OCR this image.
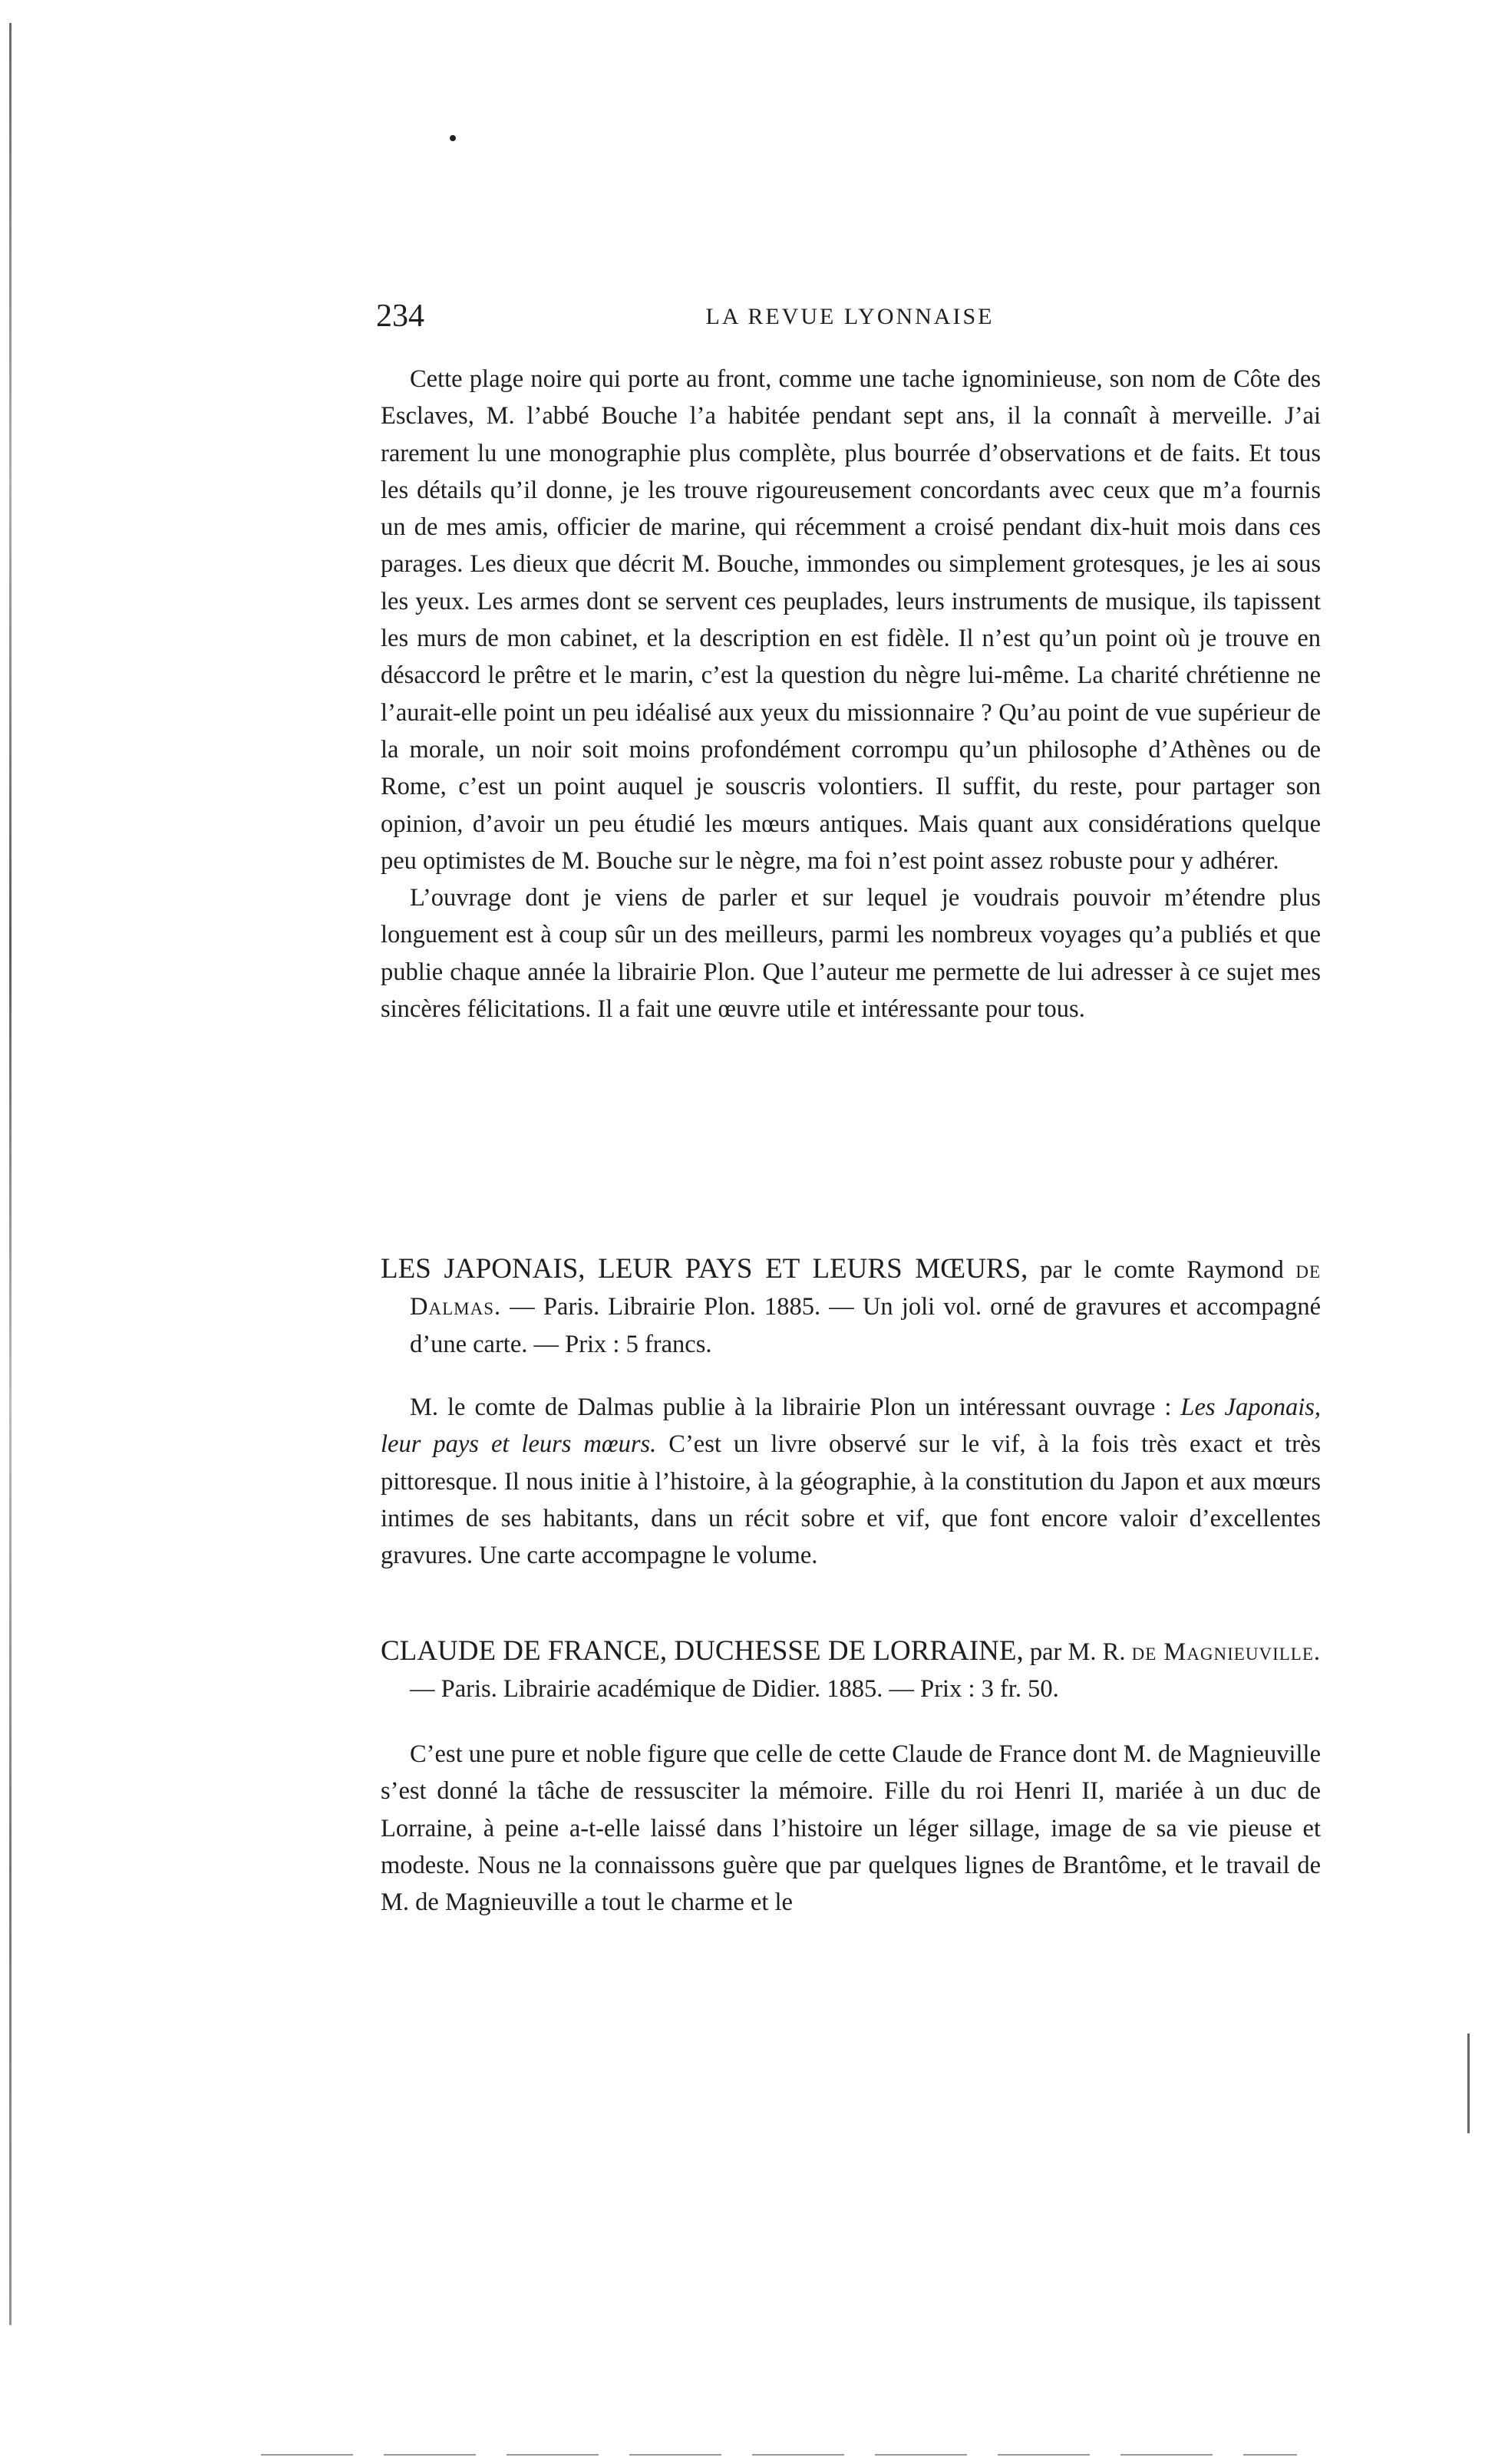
234	LA REVUE LYONNAISE

Cette plage noire qui porte au front, comme une tache ignominieuse, son nom de Côte des Esclaves, M. l’abbé Bouche l’a habitée pendant sept ans, il la connaît à merveille. J’ai rarement lu une monographie plus complète, plus bourrée d’observations et de faits. Et tous les détails qu’il donne, je les trouve rigoureusement concordants avec ceux que m’a fournis un de mes amis, officier de marine, qui récemment a croisé pendant dix-huit mois dans ces parages. Les dieux que décrit M. Bouche, immondes ou simplement grotesques, je les ai sous les yeux. Les armes dont se servent ces peuplades, leurs instruments de musique, ils tapissent les murs de mon cabinet, et la description en est fidèle. Il n’est qu’un point où je trouve en désaccord le prêtre et le marin, c’est la question du nègre lui-même. La charité chrétienne ne l’aurait-elle point un peu idéalisé aux yeux du missionnaire ? Qu’au point de vue supérieur de la morale, un noir soit moins profondément corrompu qu’un philosophe d’Athènes ou de Rome, c’est un point auquel je souscris volontiers. Il suffit, du reste, pour partager son opinion, d’avoir un peu étudié les mœurs antiques. Mais quant aux considérations quelque peu optimistes de M. Bouche sur le nègre, ma foi n’est point assez robuste pour y adhérer.

L’ouvrage dont je viens de parler et sur lequel je voudrais pouvoir m’étendre plus longuement est à coup sûr un des meilleurs, parmi les nombreux voyages qu’a publiés et que publie chaque année la librairie Plon. Que l’auteur me permette de lui adresser à ce sujet mes sincères félicitations. Il a fait une œuvre utile et intéressante pour tous.

LES JAPONAIS, LEUR PAYS ET LEURS MŒURS, par le comte Raymond de Dalmas. — Paris. Librairie Plon. 1885. — Un joli vol. orné de gravures et accompagné d’une carte. — Prix : 5 francs.

M. le comte de Dalmas publie à la librairie Plon un intéressant ouvrage : Les Japonais, leur pays et leurs mœurs. C’est un livre observé sur le vif, à la fois très exact et très pittoresque. Il nous initie à l’histoire, à la géographie, à la constitution du Japon et aux mœurs intimes de ses habitants, dans un récit sobre et vif, que font encore valoir d’excellentes gravures. Une carte accompagne le volume.

CLAUDE DE FRANCE, DUCHESSE DE LORRAINE, par M. R. de Magnieuville. — Paris. Librairie académique de Didier. 1885. — Prix : 3 fr. 50.

C’est une pure et noble figure que celle de cette Claude de France dont M. de Magnieuville s’est donné la tâche de ressusciter la mémoire. Fille du roi Henri II, mariée à un duc de Lorraine, à peine a-t-elle laissé dans l’histoire un léger sillage, image de sa vie pieuse et modeste. Nous ne la connaissons guère que par quelques lignes de Brantôme, et le travail de M. de Magnieuville a tout le charme et le
